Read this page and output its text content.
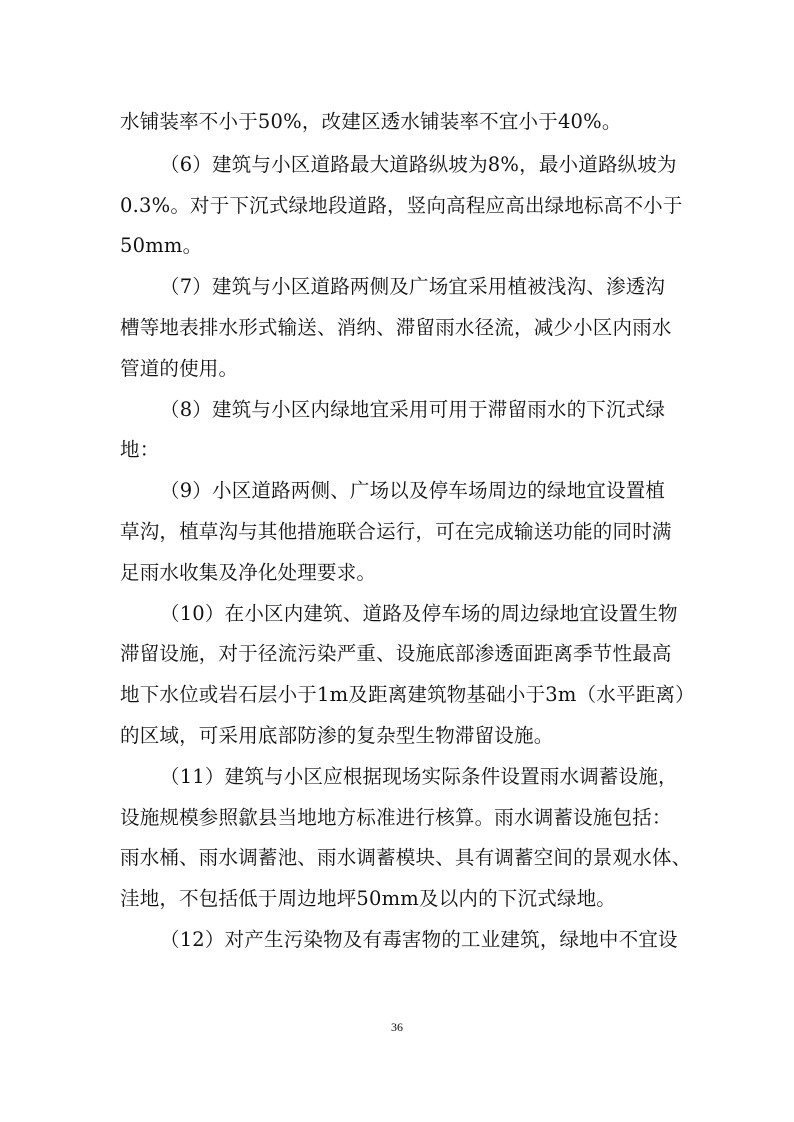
水铺装率不小于50%，改建区透水铺装率不宜小于40%。
（6）建筑与小区道路最大道路纵坡为8%，最小道路纵坡为
0.3%。对于下沉式绿地段道路，竖向高程应高出绿地标高不小于
50mm。
（7）建筑与小区道路两侧及广场宜采用植被浅沟、渗透沟
槽等地表排水形式输送、消纳、滞留雨水径流，减少小区内雨水
管道的使用。
（8）建筑与小区内绿地宜采用可用于滞留雨水的下沉式绿
地：
（9）小区道路两侧、广场以及停车场周边的绿地宜设置植
草沟，植草沟与其他措施联合运行，可在完成输送功能的同时满
足雨水收集及净化处理要求。
（10）在小区内建筑、道路及停车场的周边绿地宜设置生物
滞留设施，对于径流污染严重、设施底部渗透面距离季节性最高
地下水位或岩石层小于1m及距离建筑物基础小于3m（水平距离）
的区域，可采用底部防渗的复杂型生物滞留设施。
（11）建筑与小区应根据现场实际条件设置雨水调蓄设施，
设施规模参照歙县当地地方标准进行核算。雨水调蓄设施包括：
雨水桶、雨水调蓄池、雨水调蓄模块、具有调蓄空间的景观水体、
洼地，不包括低于周边地坪50mm及以内的下沉式绿地。
（12）对产生污染物及有毒害物的工业建筑，绿地中不宜设
36
